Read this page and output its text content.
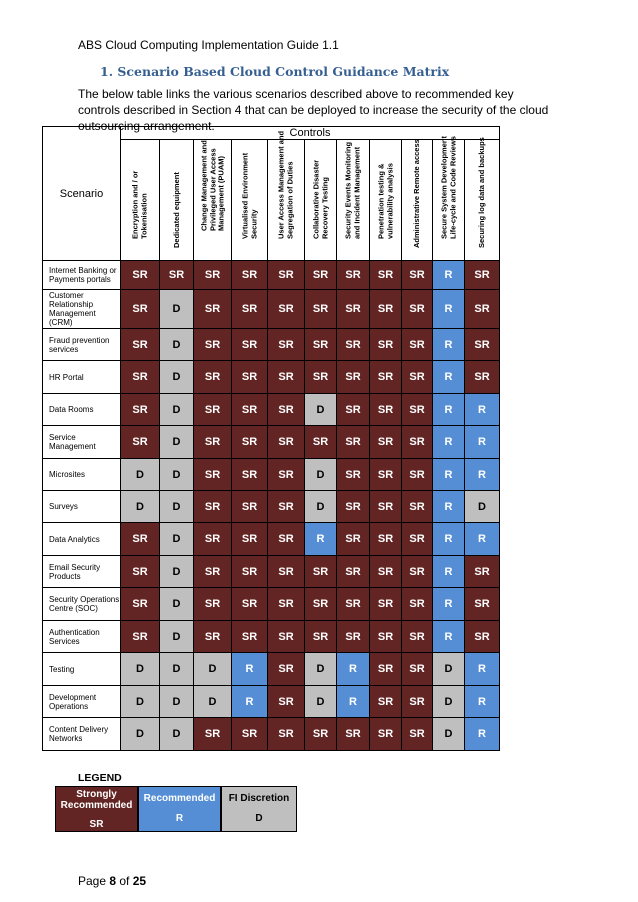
ABS Cloud Computing Implementation Guide 1.1
1. Scenario Based Cloud Control Guidance Matrix
The below table links the various scenarios described above to recommended key controls described in Section 4 that can be deployed to increase the security of the cloud outsourcing arrangement.
Scenario	Controls										

	Encryption and / or Tokenisation	Dedicated equipment	Change Management and Privileged User Access Management (PUAM)	Virtualised Environment Security	User Access Management and Segregation of Duties	Collaborative Disaster Recovery Testing	Security Events Monitoring and Incident Management	Penetration testing & vulnerability analysis	Administrative Remote access	Secure System Development Life-cycle and Code Reviews	Securing log data and backups

Internet Banking or Payments portals	SR	SR	SR	SR	SR	SR	SR	SR	SR	R	SR
Customer Relationship Management (CRM)	SR	D	SR	SR	SR	SR	SR	SR	SR	R	SR
Fraud prevention services	SR	D	SR	SR	SR	SR	SR	SR	SR	R	SR
HR Portal	SR	D	SR	SR	SR	SR	SR	SR	SR	R	SR
Data Rooms	SR	D	SR	SR	SR	D	SR	SR	SR	R	R
Service Management	SR	D	SR	SR	SR	SR	SR	SR	SR	R	R
Microsites	D	D	SR	SR	SR	D	SR	SR	SR	R	R
Surveys	D	D	SR	SR	SR	D	SR	SR	SR	R	D
Data Analytics	SR	D	SR	SR	SR	R	SR	SR	SR	R	R
Email Security Products	SR	D	SR	SR	SR	SR	SR	SR	SR	R	SR
Security Operations Centre (SOC)	SR	D	SR	SR	SR	SR	SR	SR	SR	R	SR
Authentication Services	SR	D	SR	SR	SR	SR	SR	SR	SR	R	SR
Testing	D	D	D	R	SR	D	R	SR	SR	D	R
Development Operations	D	D	D	R	SR	D	R	SR	SR	D	R
Content Delivery Networks	D	D	SR	SR	SR	SR	SR	SR	SR	D	R
LEGEND
Strongly Recommended
SR
Recommended
R
FI Discretion
D
Page 8 of 25
